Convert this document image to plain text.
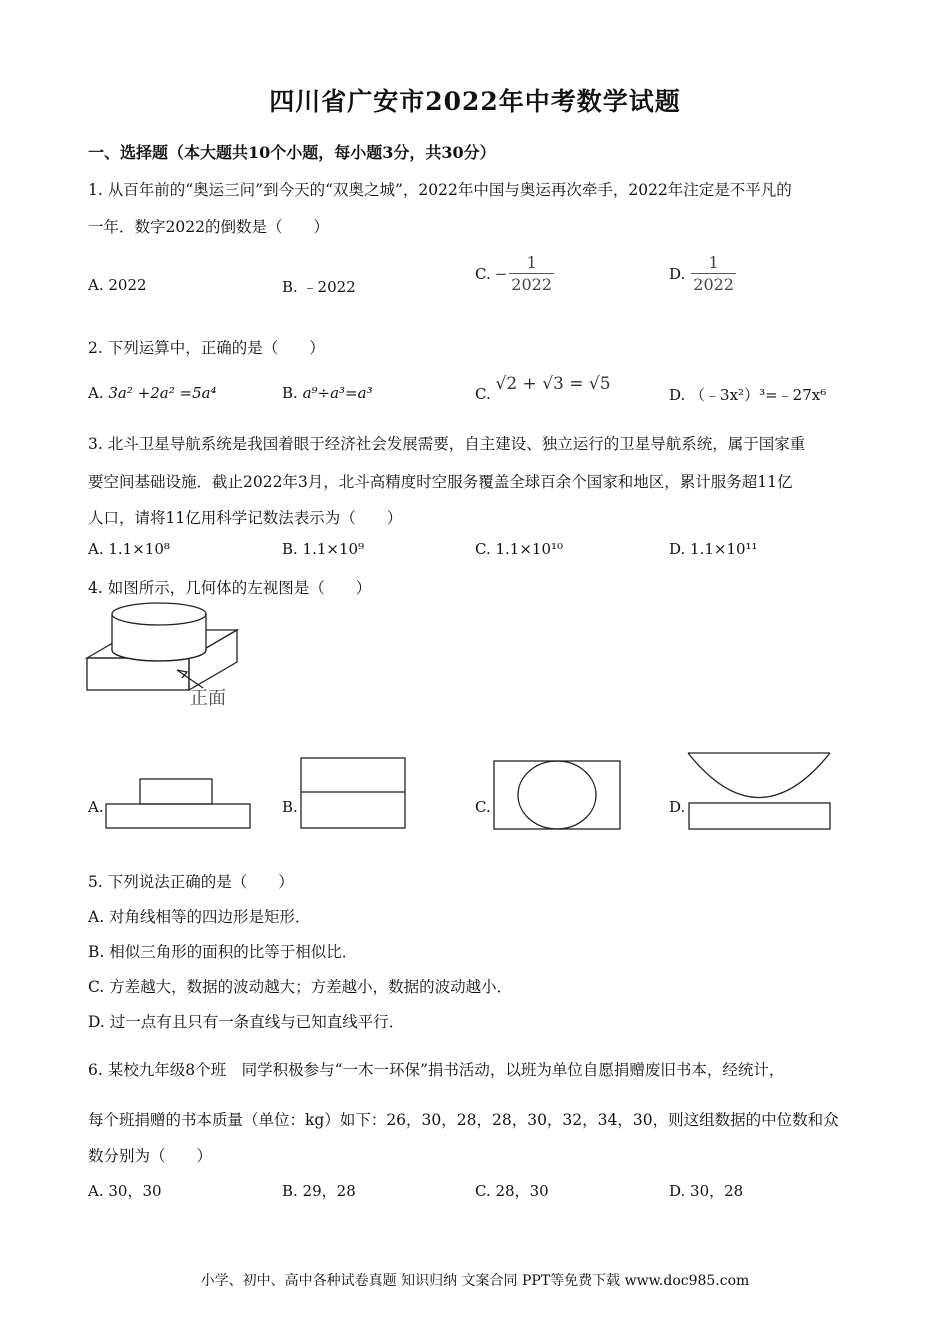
四川省广安市2022年中考数学试题
一、选择题（本大题共10个小题，每小题3分，共30分）
1. 从百年前的“奥运三问”到今天的“双奥之城”，2022年中国与奥运再次牵手，2022年注定是不平凡的
一年．数字2022的倒数是（　　）
A. 2022	B. ﹣2022
C. − $\frac{1}{2022}$	D. $\frac{1}{2022}$
2. 下列运算中，正确的是（　　）
A. 3a² +2a² =5a⁴	B. a⁹÷a³=a³	C. √2 + √3 = √5
D. （﹣3x²）³=﹣27x⁶
3. 北斗卫星导航系统是我国着眼于经济社会发展需要，自主建设、独立运行的卫星导航系统，属于国家重
要空间基础设施．截止2022年3月，北斗高精度时空服务覆盖全球百余个国家和地区，累计服务超11亿
人口，请将11亿用科学记数法表示为（　　）
A. 1.1×10⁸	B. 1.1×10⁹	C. 1.1×10¹⁰	D. 1.1×10¹¹
4. 如图所示，几何体的左视图是（　　）
正面
A.	B.	C.	D.
5. 下列说法正确的是（　　）
A. 对角线相等的四边形是矩形．
B. 相似三角形的面积的比等于相似比．
C. 方差越大，数据的波动越大；方差越小，数据的波动越小．
D. 过一点有且只有一条直线与已知直线平行．
6. 某校九年级8个班　同学积极参与“一木一环保”捐书活动，以班为单位自愿捐赠废旧书本，经统计，
每个班捐赠的书本质量（单位：kg）如下：26，30，28，28，30，32，34，30，则这组数据的中位数和众
数分别为（　　）
A. 30，30	B. 29，28	C. 28，30	D. 30，28
小学、初中、高中各种试卷真题 知识归纳 文案合同 PPT等免费下载 www.doc985.com
